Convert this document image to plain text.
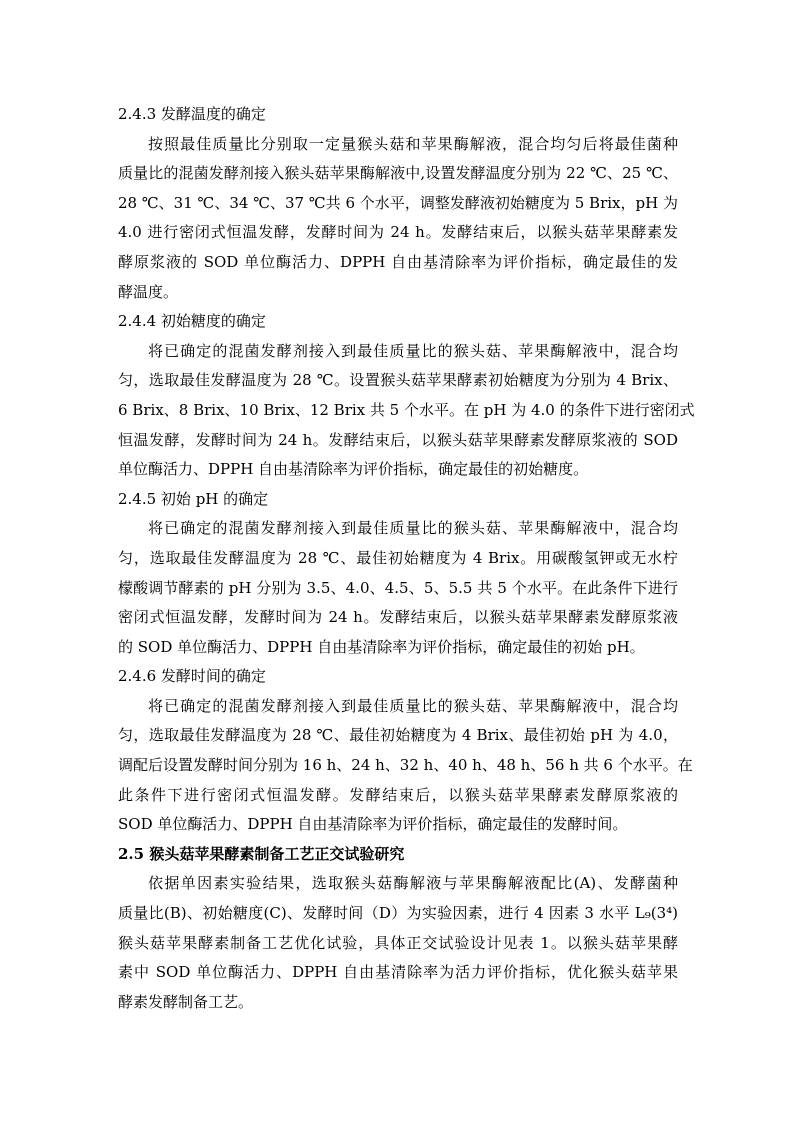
2.4.3 发酵温度的确定
按照最佳质量比分别取一定量猴头菇和苹果酶解液，混合均匀后将最佳菌种
质量比的混菌发酵剂接入猴头菇苹果酶解液中,设置发酵温度分别为 22 ℃、25 ℃、
28 ℃、31 ℃、34 ℃、37 ℃共 6 个水平，调整发酵液初始糖度为 5 Brix，pH 为
4.0 进行密闭式恒温发酵，发酵时间为 24 h。发酵结束后，以猴头菇苹果酵素发
酵原浆液的 SOD 单位酶活力、DPPH 自由基清除率为评价指标，确定最佳的发
酵温度。
2.4.4 初始糖度的确定
将已确定的混菌发酵剂接入到最佳质量比的猴头菇、苹果酶解液中，混合均
匀，选取最佳发酵温度为 28 ℃。设置猴头菇苹果酵素初始糖度为分别为 4 Brix、
6 Brix、8 Brix、10 Brix、12 Brix 共 5 个水平。在 pH 为 4.0 的条件下进行密闭式
恒温发酵，发酵时间为 24 h。发酵结束后，以猴头菇苹果酵素发酵原浆液的 SOD
单位酶活力、DPPH 自由基清除率为评价指标，确定最佳的初始糖度。
2.4.5 初始 pH 的确定
将已确定的混菌发酵剂接入到最佳质量比的猴头菇、苹果酶解液中，混合均
匀，选取最佳发酵温度为 28 ℃、最佳初始糖度为 4 Brix。用碳酸氢钾或无水柠
檬酸调节酵素的 pH 分别为 3.5、4.0、4.5、5、5.5 共 5 个水平。在此条件下进行
密闭式恒温发酵，发酵时间为 24 h。发酵结束后，以猴头菇苹果酵素发酵原浆液
的 SOD 单位酶活力、DPPH 自由基清除率为评价指标，确定最佳的初始 pH。
2.4.6 发酵时间的确定
将已确定的混菌发酵剂接入到最佳质量比的猴头菇、苹果酶解液中，混合均
匀，选取最佳发酵温度为 28 ℃、最佳初始糖度为 4 Brix、最佳初始 pH 为 4.0，
调配后设置发酵时间分别为 16 h、24 h、32 h、40 h、48 h、56 h 共 6 个水平。在
此条件下进行密闭式恒温发酵。发酵结束后，以猴头菇苹果酵素发酵原浆液的
SOD 单位酶活力、DPPH 自由基清除率为评价指标，确定最佳的发酵时间。
2.5 猴头菇苹果酵素制备工艺正交试验研究
依据单因素实验结果，选取猴头菇酶解液与苹果酶解液配比(A)、发酵菌种
质量比(B)、初始糖度(C)、发酵时间（D）为实验因素，进行 4 因素 3 水平 L₉(3⁴)
猴头菇苹果酵素制备工艺优化试验，具体正交试验设计见表 1。以猴头菇苹果酵
素中 SOD 单位酶活力、DPPH 自由基清除率为活力评价指标，优化猴头菇苹果
酵素发酵制备工艺。
